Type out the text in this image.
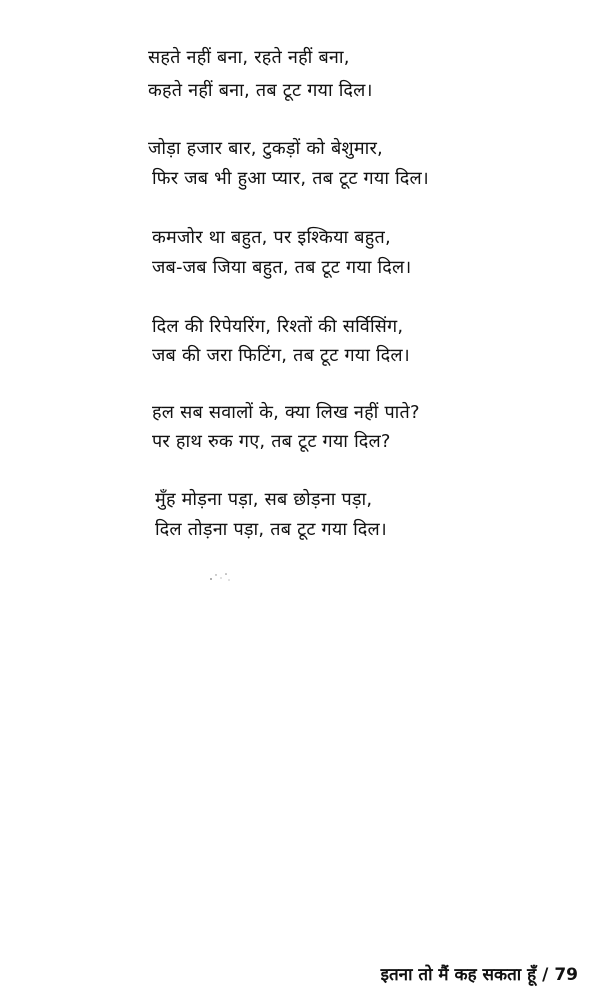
सहते नहीं बना, रहते नहीं बना,
कहते नहीं बना, तब टूट गया दिल।
जोड़ा हजार बार, टुकड़ों को बेशुमार,
फिर जब भी हुआ प्यार, तब टूट गया दिल।
कमजोर था बहुत, पर इश्किया बहुत,
जब-जब जिया बहुत, तब टूट गया दिल।
दिल की रिपेयरिंग, रिश्तों की सर्विसिंग,
जब की जरा फिटिंग, तब टूट गया दिल।
हल सब सवालों के, क्या लिख नहीं पाते?
पर हाथ रुक गए, तब टूट गया दिल?
मुँह मोड़ना पड़ा, सब छोड़ना पड़ा,
दिल तोड़ना पड़ा, तब टूट गया दिल।
इतना तो मैं कह सकता हूँ / 79
